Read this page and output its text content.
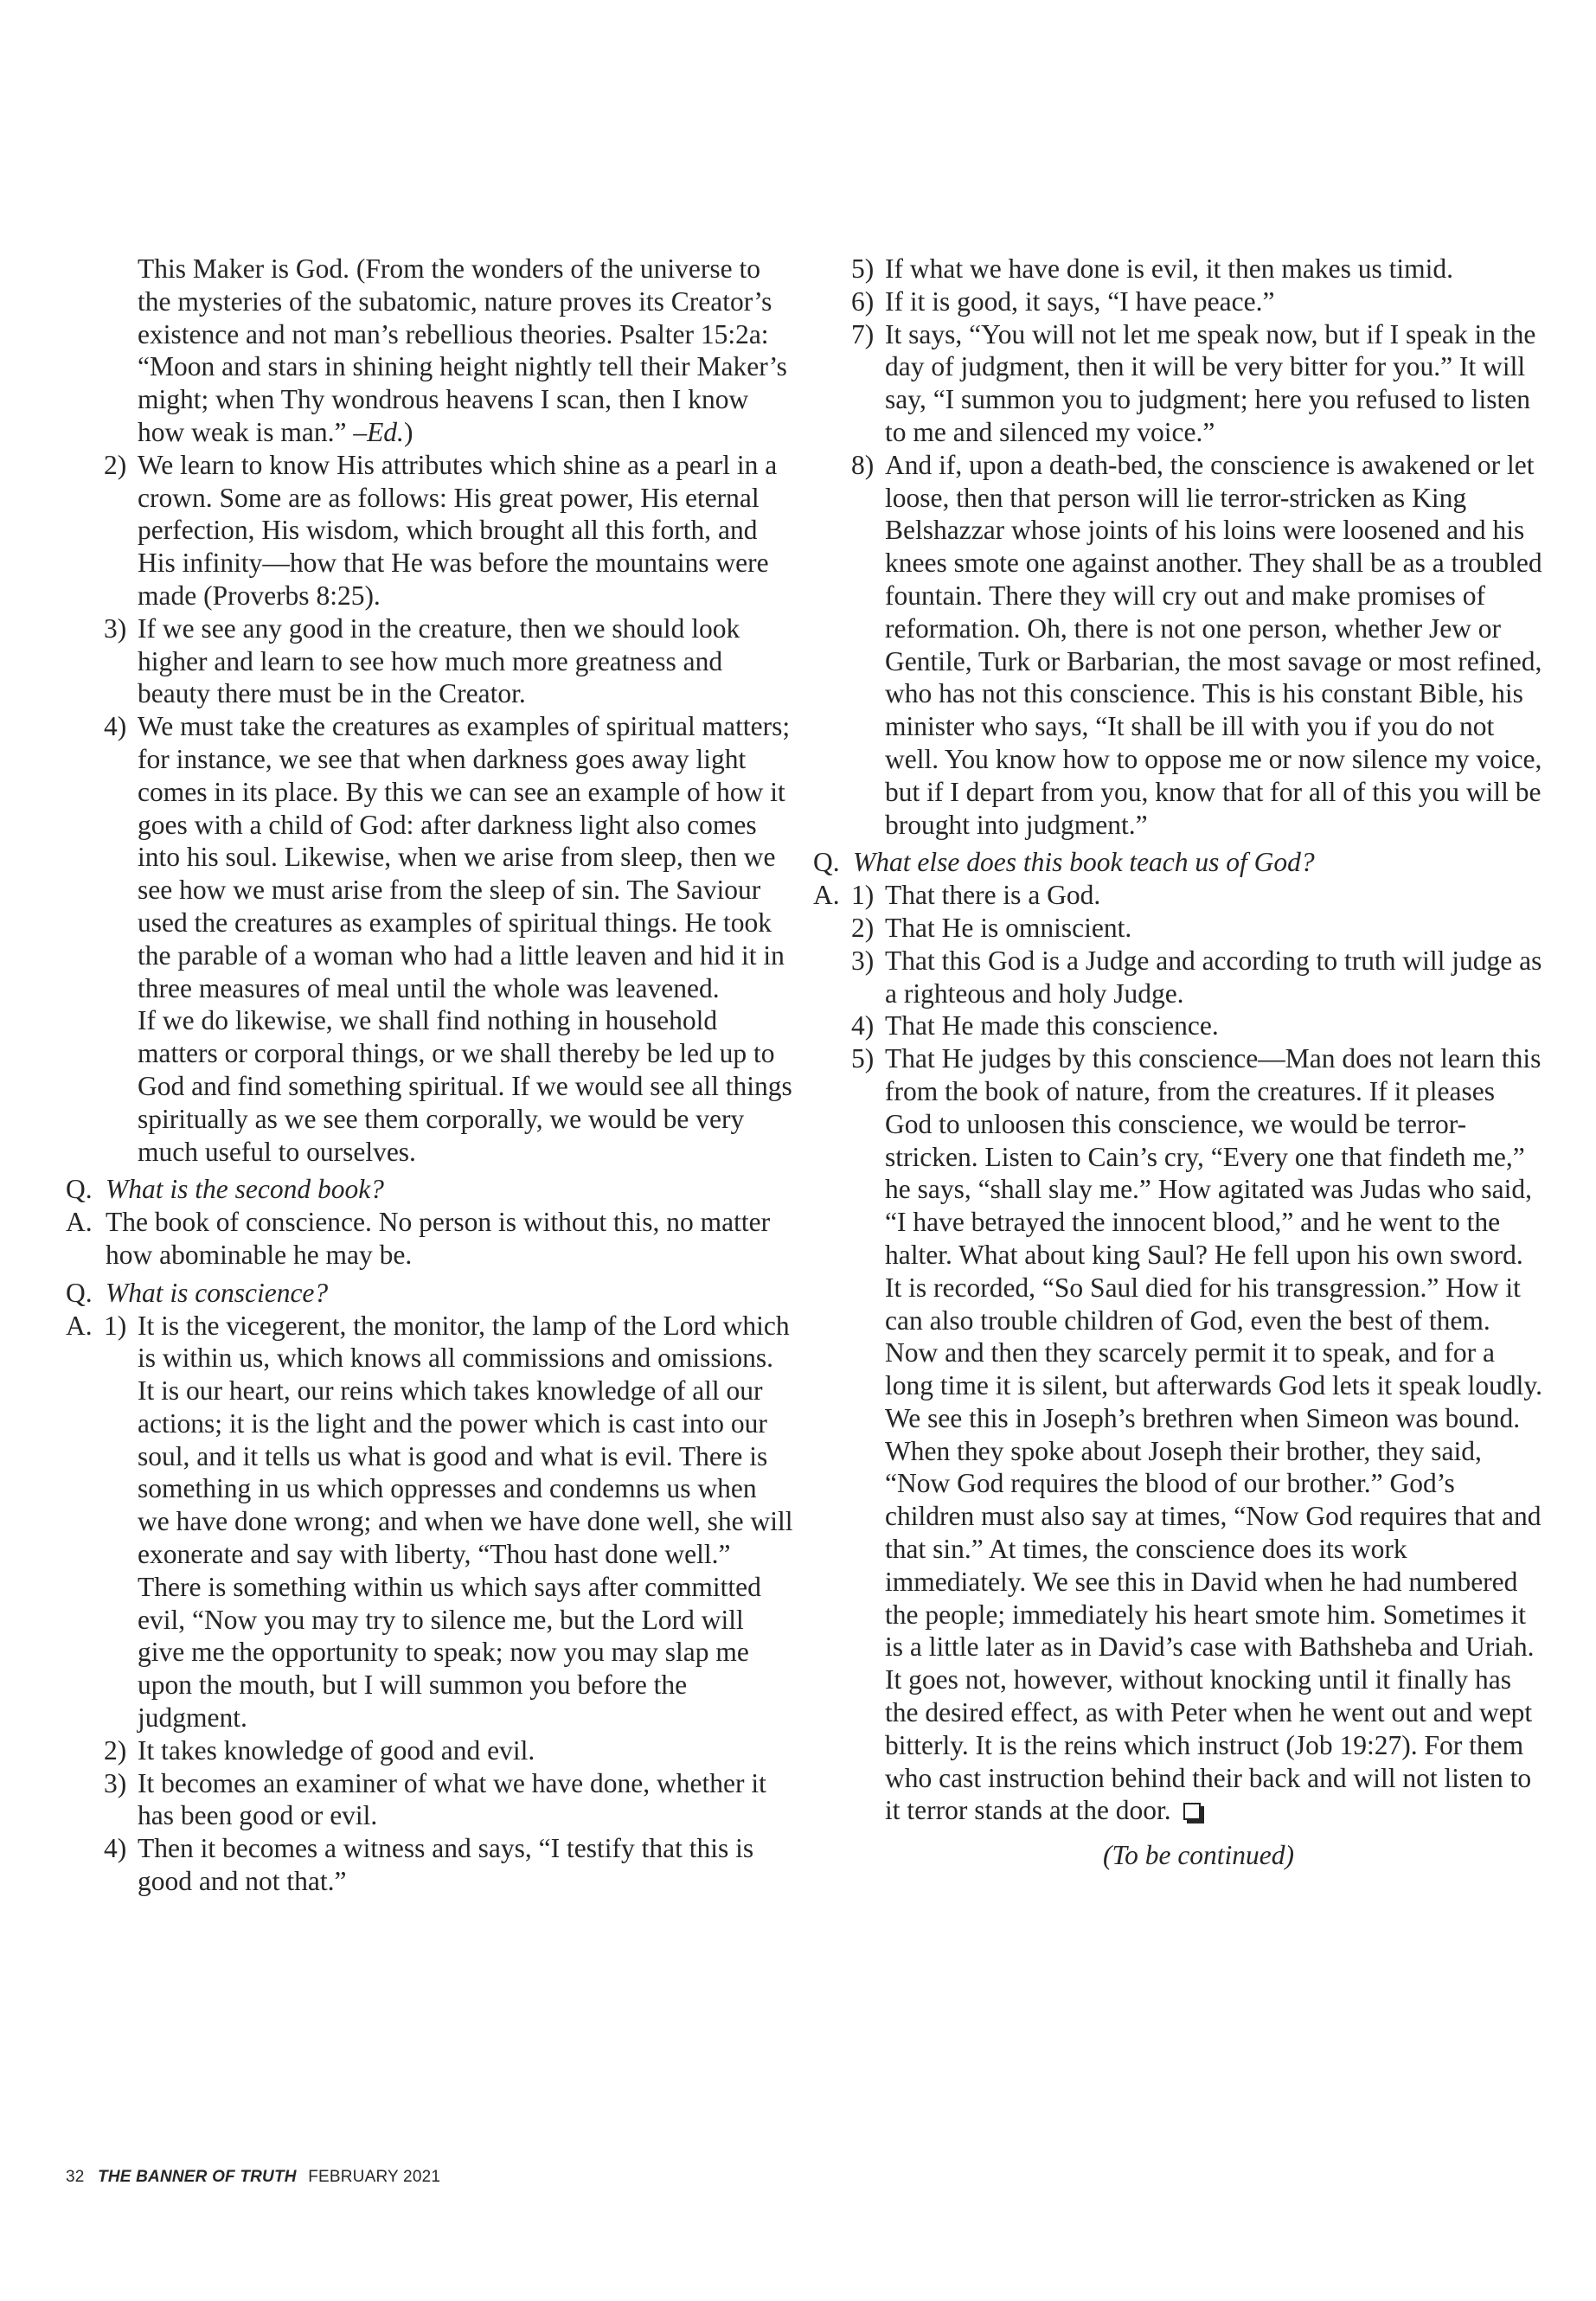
This Maker is God. (From the wonders of the universe to the mysteries of the subatomic, nature proves its Creator’s existence and not man’s rebellious theories. Psalter 15:2a: “Moon and stars in shining height nightly tell their Maker’s might; when Thy wondrous heavens I scan, then I know how weak is man.” –Ed.)

2) We learn to know His attributes which shine as a pearl in a crown. Some are as follows: His great power, His eternal perfection, His wisdom, which brought all this forth, and His infinity—how that He was before the mountains were made (Proverbs 8:25).

3) If we see any good in the creature, then we should look higher and learn to see how much more greatness and beauty there must be in the Creator.

4) We must take the creatures as examples of spiritual matters; for instance, we see that when darkness goes away light comes in its place. By this we can see an example of how it goes with a child of God: after darkness light also comes into his soul. Likewise, when we arise from sleep, then we see how we must arise from the sleep of sin. The Saviour used the creatures as examples of spiritual things. He took the parable of a woman who had a little leaven and hid it in three measures of meal until the whole was leavened.

If we do likewise, we shall find nothing in household matters or corporal things, or we shall thereby be led up to God and find something spiritual. If we would see all things spiritually as we see them corporally, we would be very much useful to ourselves.

Q. What is the second book?

A. The book of conscience. No person is without this, no matter how abominable he may be.

Q. What is conscience?

A. 1) It is the vicegerent, the monitor, the lamp of the Lord which is within us, which knows all commissions and omissions. It is our heart, our reins which takes knowledge of all our actions; it is the light and the power which is cast into our soul, and it tells us what is good and what is evil. There is something in us which oppresses and condemns us when we have done wrong; and when we have done well, she will exonerate and say with liberty, “Thou hast done well.” There is something within us which says after committed evil, “Now you may try to silence me, but the Lord will give me the opportunity to speak; now you may slap me upon the mouth, but I will summon you before the judgment.

2) It takes knowledge of good and evil.

3) It becomes an examiner of what we have done, whether it has been good or evil.

4) Then it becomes a witness and says, “I testify that this is good and not that.”

5) If what we have done is evil, it then makes us timid.

6) If it is good, it says, “I have peace.”

7) It says, “You will not let me speak now, but if I speak in the day of judgment, then it will be very bitter for you.” It will say, “I summon you to judgment; here you refused to listen to me and silenced my voice.”

8) And if, upon a death-bed, the conscience is awakened or let loose, then that person will lie terror-stricken as King Belshazzar whose joints of his loins were loosened and his knees smote one against another. They shall be as a troubled fountain. There they will cry out and make promises of reformation. Oh, there is not one person, whether Jew or Gentile, Turk or Barbarian, the most savage or most refined, who has not this conscience. This is his constant Bible, his minister who says, “It shall be ill with you if you do not well. You know how to oppose me or now silence my voice, but if I depart from you, know that for all of this you will be brought into judgment.”

Q. What else does this book teach us of God?

A. 1) That there is a God.

2) That He is omniscient.

3) That this God is a Judge and according to truth will judge as a righteous and holy Judge.

4) That He made this conscience.

5) That He judges by this conscience—Man does not learn this from the book of nature, from the creatures. If it pleases God to unloosen this conscience, we would be terror-stricken. Listen to Cain’s cry, “Every one that findeth me,” he says, “shall slay me.” How agitated was Judas who said, “I have betrayed the innocent blood,” and he went to the halter. What about king Saul? He fell upon his own sword. It is recorded, “So Saul died for his transgression.” How it can also trouble children of God, even the best of them. Now and then they scarcely permit it to speak, and for a long time it is silent, but afterwards God lets it speak loudly. We see this in Joseph’s brethren when Simeon was bound. When they spoke about Joseph their brother, they said, “Now God requires the blood of our brother.” God’s children must also say at times, “Now God requires that and that sin.” At times, the conscience does its work immediately. We see this in David when he had numbered the people; immediately his heart smote him. Sometimes it is a little later as in David’s case with Bathsheba and Uriah. It goes not, however, without knocking until it finally has the desired effect, as with Peter when he went out and wept bitterly. It is the reins which instruct (Job 19:27). For them who cast instruction behind their back and will not listen to it terror stands at the door.

(To be continued)

32 THE BANNER OF TRUTH FEBRUARY 2021
